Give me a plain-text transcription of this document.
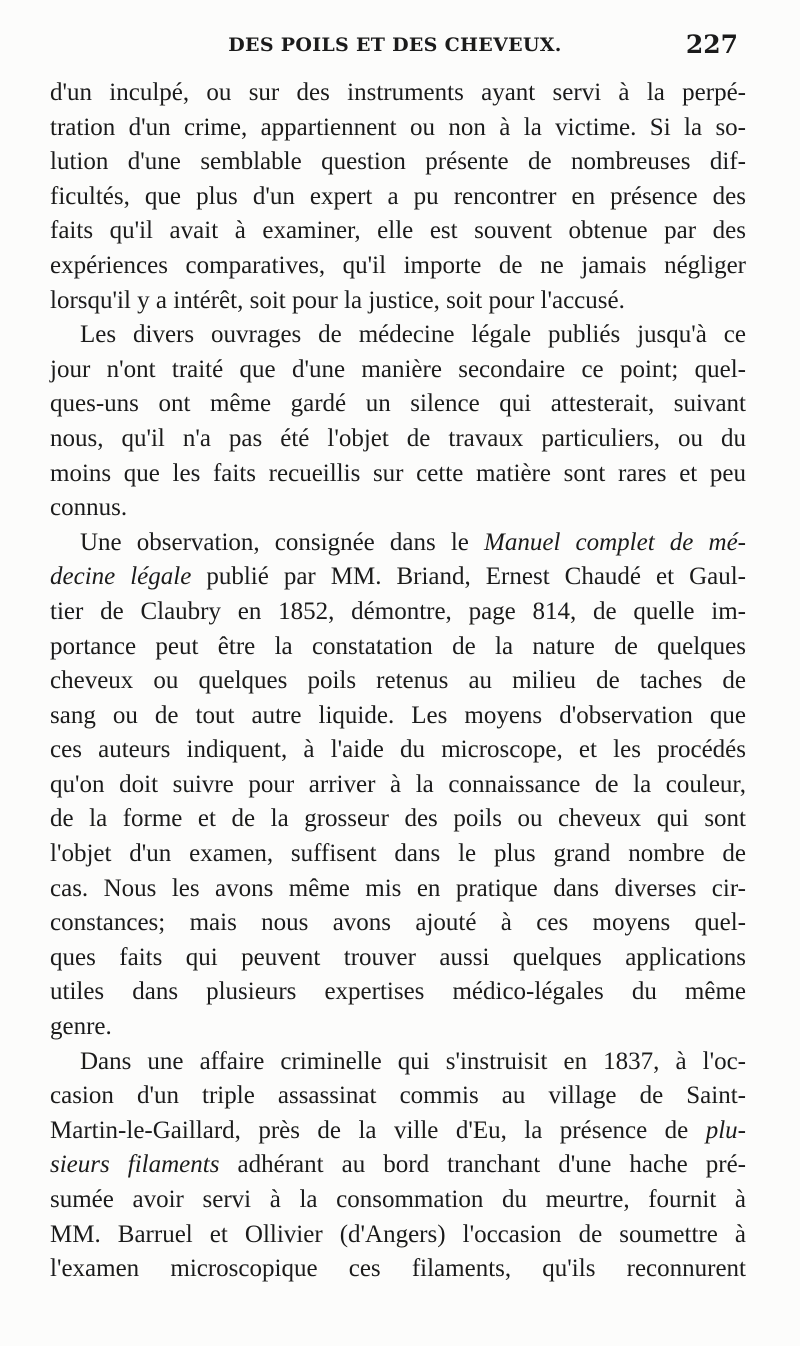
DES POILS ET DES CHEVEUX.	227

d'un inculpé, ou sur des instruments ayant servi à la perpé-
tration d'un crime, appartiennent ou non à la victime. Si la so-
lution d'une semblable question présente de nombreuses dif-
ficultés, que plus d'un expert a pu rencontrer en présence des
faits qu'il avait à examiner, elle est souvent obtenue par des
expériences comparatives, qu'il importe de ne jamais négliger
lorsqu'il y a intérêt, soit pour la justice, soit pour l'accusé.

Les divers ouvrages de médecine légale publiés jusqu'à ce
jour n'ont traité que d'une manière secondaire ce point; quel-
ques-uns ont même gardé un silence qui attesterait, suivant
nous, qu'il n'a pas été l'objet de travaux particuliers, ou du
moins que les faits recueillis sur cette matière sont rares et peu
connus.

Une observation, consignée dans le Manuel complet de mé-
decine légale publié par MM. Briand, Ernest Chaudé et Gaul-
tier de Claubry en 1852, démontre, page 814, de quelle im-
portance peut être la constatation de la nature de quelques
cheveux ou quelques poils retenus au milieu de taches de
sang ou de tout autre liquide. Les moyens d'observation que
ces auteurs indiquent, à l'aide du microscope, et les procédés
qu'on doit suivre pour arriver à la connaissance de la couleur,
de la forme et de la grosseur des poils ou cheveux qui sont
l'objet d'un examen, suffisent dans le plus grand nombre de
cas. Nous les avons même mis en pratique dans diverses cir-
constances; mais nous avons ajouté à ces moyens quel-
ques faits qui peuvent trouver aussi quelques applications
utiles dans plusieurs expertises médico-légales du même
genre.

Dans une affaire criminelle qui s'instruisit en 1837, à l'oc-
casion d'un triple assassinat commis au village de Saint-
Martin-le-Gaillard, près de la ville d'Eu, la présence de plu-
sieurs filaments adhérant au bord tranchant d'une hache pré-
sumée avoir servi à la consommation du meurtre, fournit à
MM. Barruel et Ollivier (d'Angers) l'occasion de soumettre à
l'examen microscopique ces filaments, qu'ils reconnurent
